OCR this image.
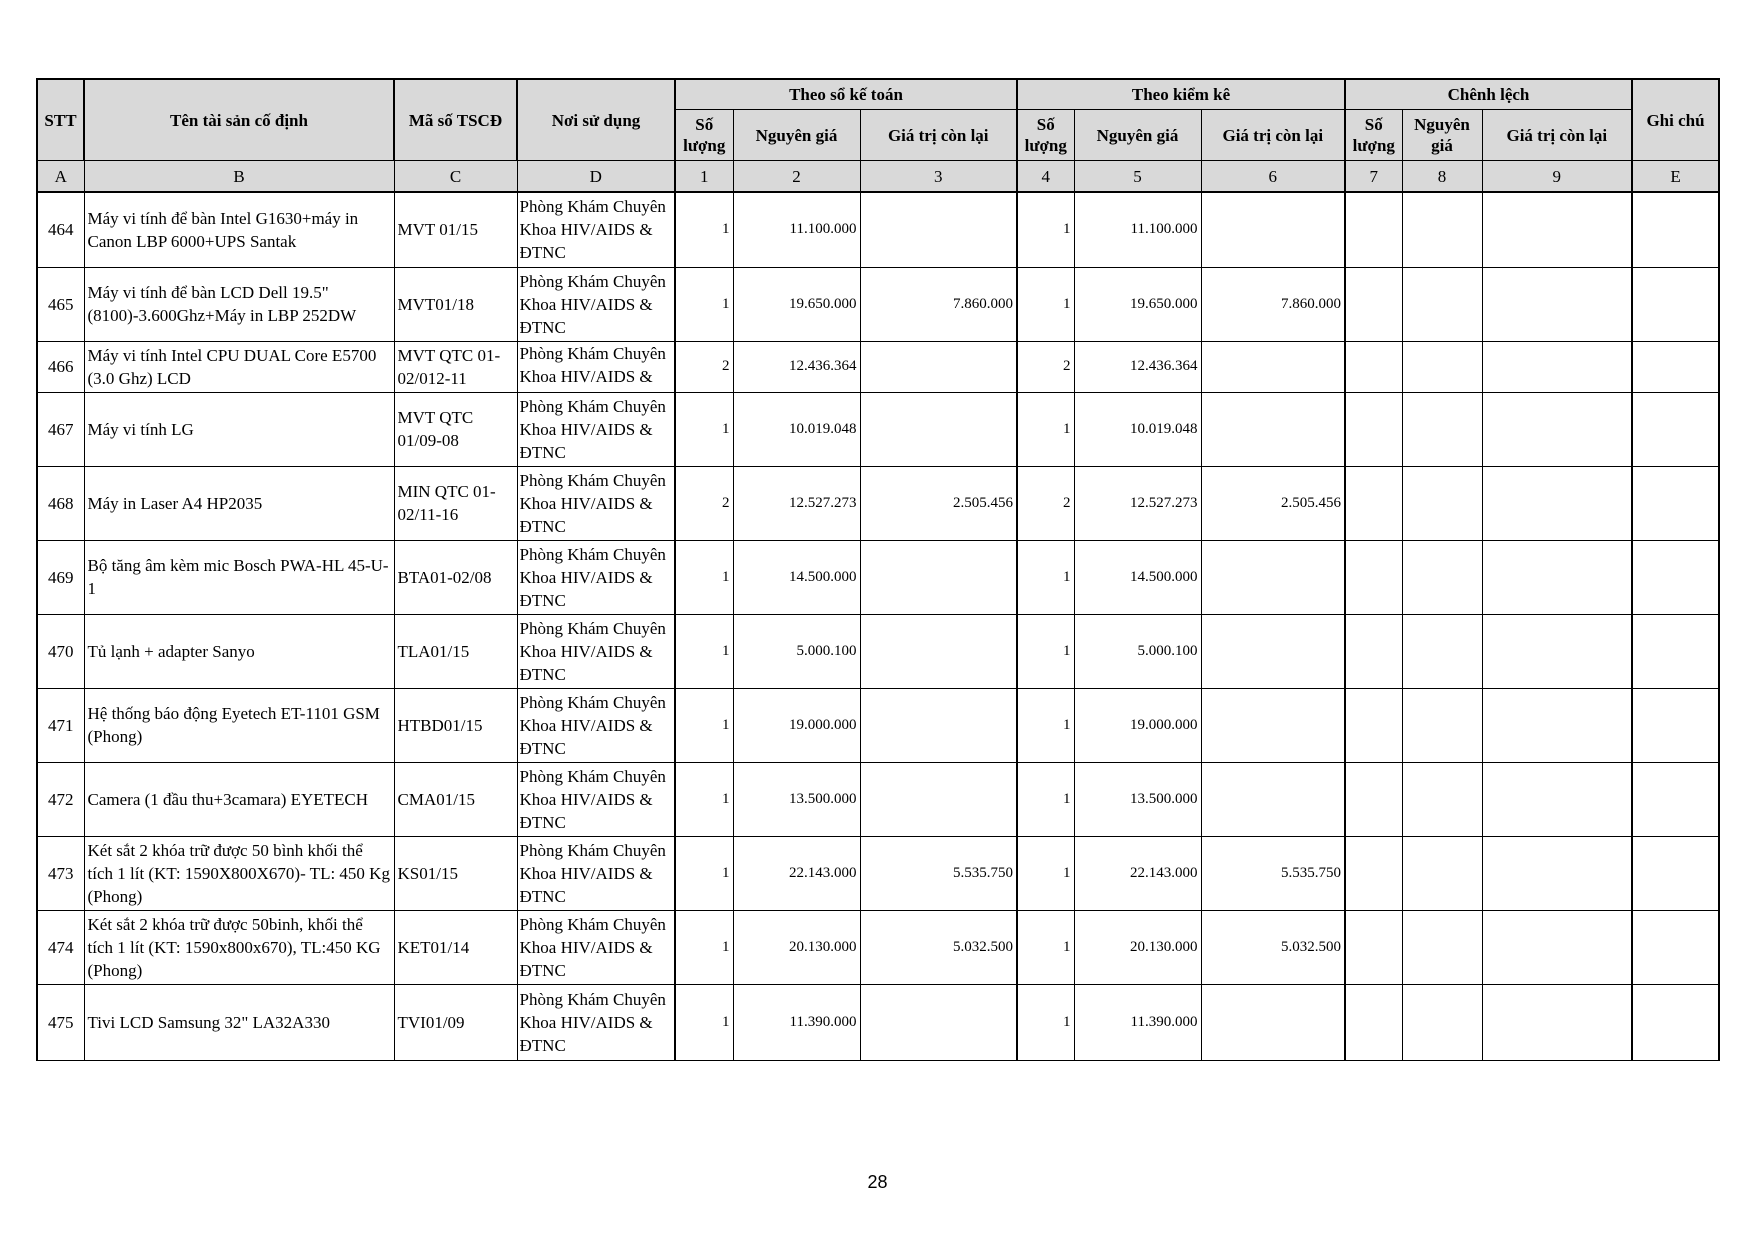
STT	Tên tài sản cố định	Mã số TSCĐ	Nơi sử dụng	Theo sổ kế toán			Theo kiểm kê			Chênh lệch			Ghi chú
				Số lượng	Nguyên giá	Giá trị còn lại	Số lượng	Nguyên giá	Giá trị còn lại	Số lượng	Nguyên giá	Giá trị còn lại	
A	B	C	D	1	2	3	4	5	6	7	8	9	E
464	Máy vi tính để bàn Intel G1630+máy in Canon LBP 6000+UPS Santak	MVT 01/15	Phòng Khám Chuyên Khoa HIV/AIDS & ĐTNC	1	11.100.000		1	11.100.000					
465	Máy vi tính để bàn LCD Dell 19.5" (8100)-3.600Ghz+Máy in LBP 252DW	MVT01/18	Phòng Khám Chuyên Khoa HIV/AIDS & ĐTNC	1	19.650.000	7.860.000	1	19.650.000	7.860.000				
466	Máy vi tính Intel CPU DUAL Core E5700 (3.0 Ghz) LCD	MVT QTC 01-02/012-11	Phòng Khám Chuyên Khoa HIV/AIDS &	2	12.436.364		2	12.436.364					
467	Máy vi tính LG	MVT QTC 01/09-08	Phòng Khám Chuyên Khoa HIV/AIDS & ĐTNC	1	10.019.048		1	10.019.048					
468	Máy in Laser A4 HP2035	MIN QTC 01-02/11-16	Phòng Khám Chuyên Khoa HIV/AIDS & ĐTNC	2	12.527.273	2.505.456	2	12.527.273	2.505.456				
469	Bộ tăng âm kèm mic Bosch PWA-HL 45-U-1	BTA01-02/08	Phòng Khám Chuyên Khoa HIV/AIDS & ĐTNC	1	14.500.000		1	14.500.000					
470	Tủ lạnh + adapter Sanyo	TLA01/15	Phòng Khám Chuyên Khoa HIV/AIDS & ĐTNC	1	5.000.100		1	5.000.100					
471	Hệ thống báo động Eyetech ET-1101 GSM (Phong)	HTBD01/15	Phòng Khám Chuyên Khoa HIV/AIDS & ĐTNC	1	19.000.000		1	19.000.000					
472	Camera (1 đầu thu+3camara) EYETECH	CMA01/15	Phòng Khám Chuyên Khoa HIV/AIDS & ĐTNC	1	13.500.000		1	13.500.000					
473	Két sắt 2 khóa trữ được 50 bình khối thể tích 1 lít (KT: 1590X800X670)- TL: 450 Kg (Phong)	KS01/15	Phòng Khám Chuyên Khoa HIV/AIDS & ĐTNC	1	22.143.000	5.535.750	1	22.143.000	5.535.750				
474	Két sắt 2 khóa trữ được 50binh, khối thể tích 1 lít (KT: 1590x800x670), TL:450 KG (Phong)	KET01/14	Phòng Khám Chuyên Khoa HIV/AIDS & ĐTNC	1	20.130.000	5.032.500	1	20.130.000	5.032.500				
475	Tivi LCD Samsung 32" LA32A330	TVI01/09	Phòng Khám Chuyên Khoa HIV/AIDS & ĐTNC	1	11.390.000		1	11.390.000					
28
